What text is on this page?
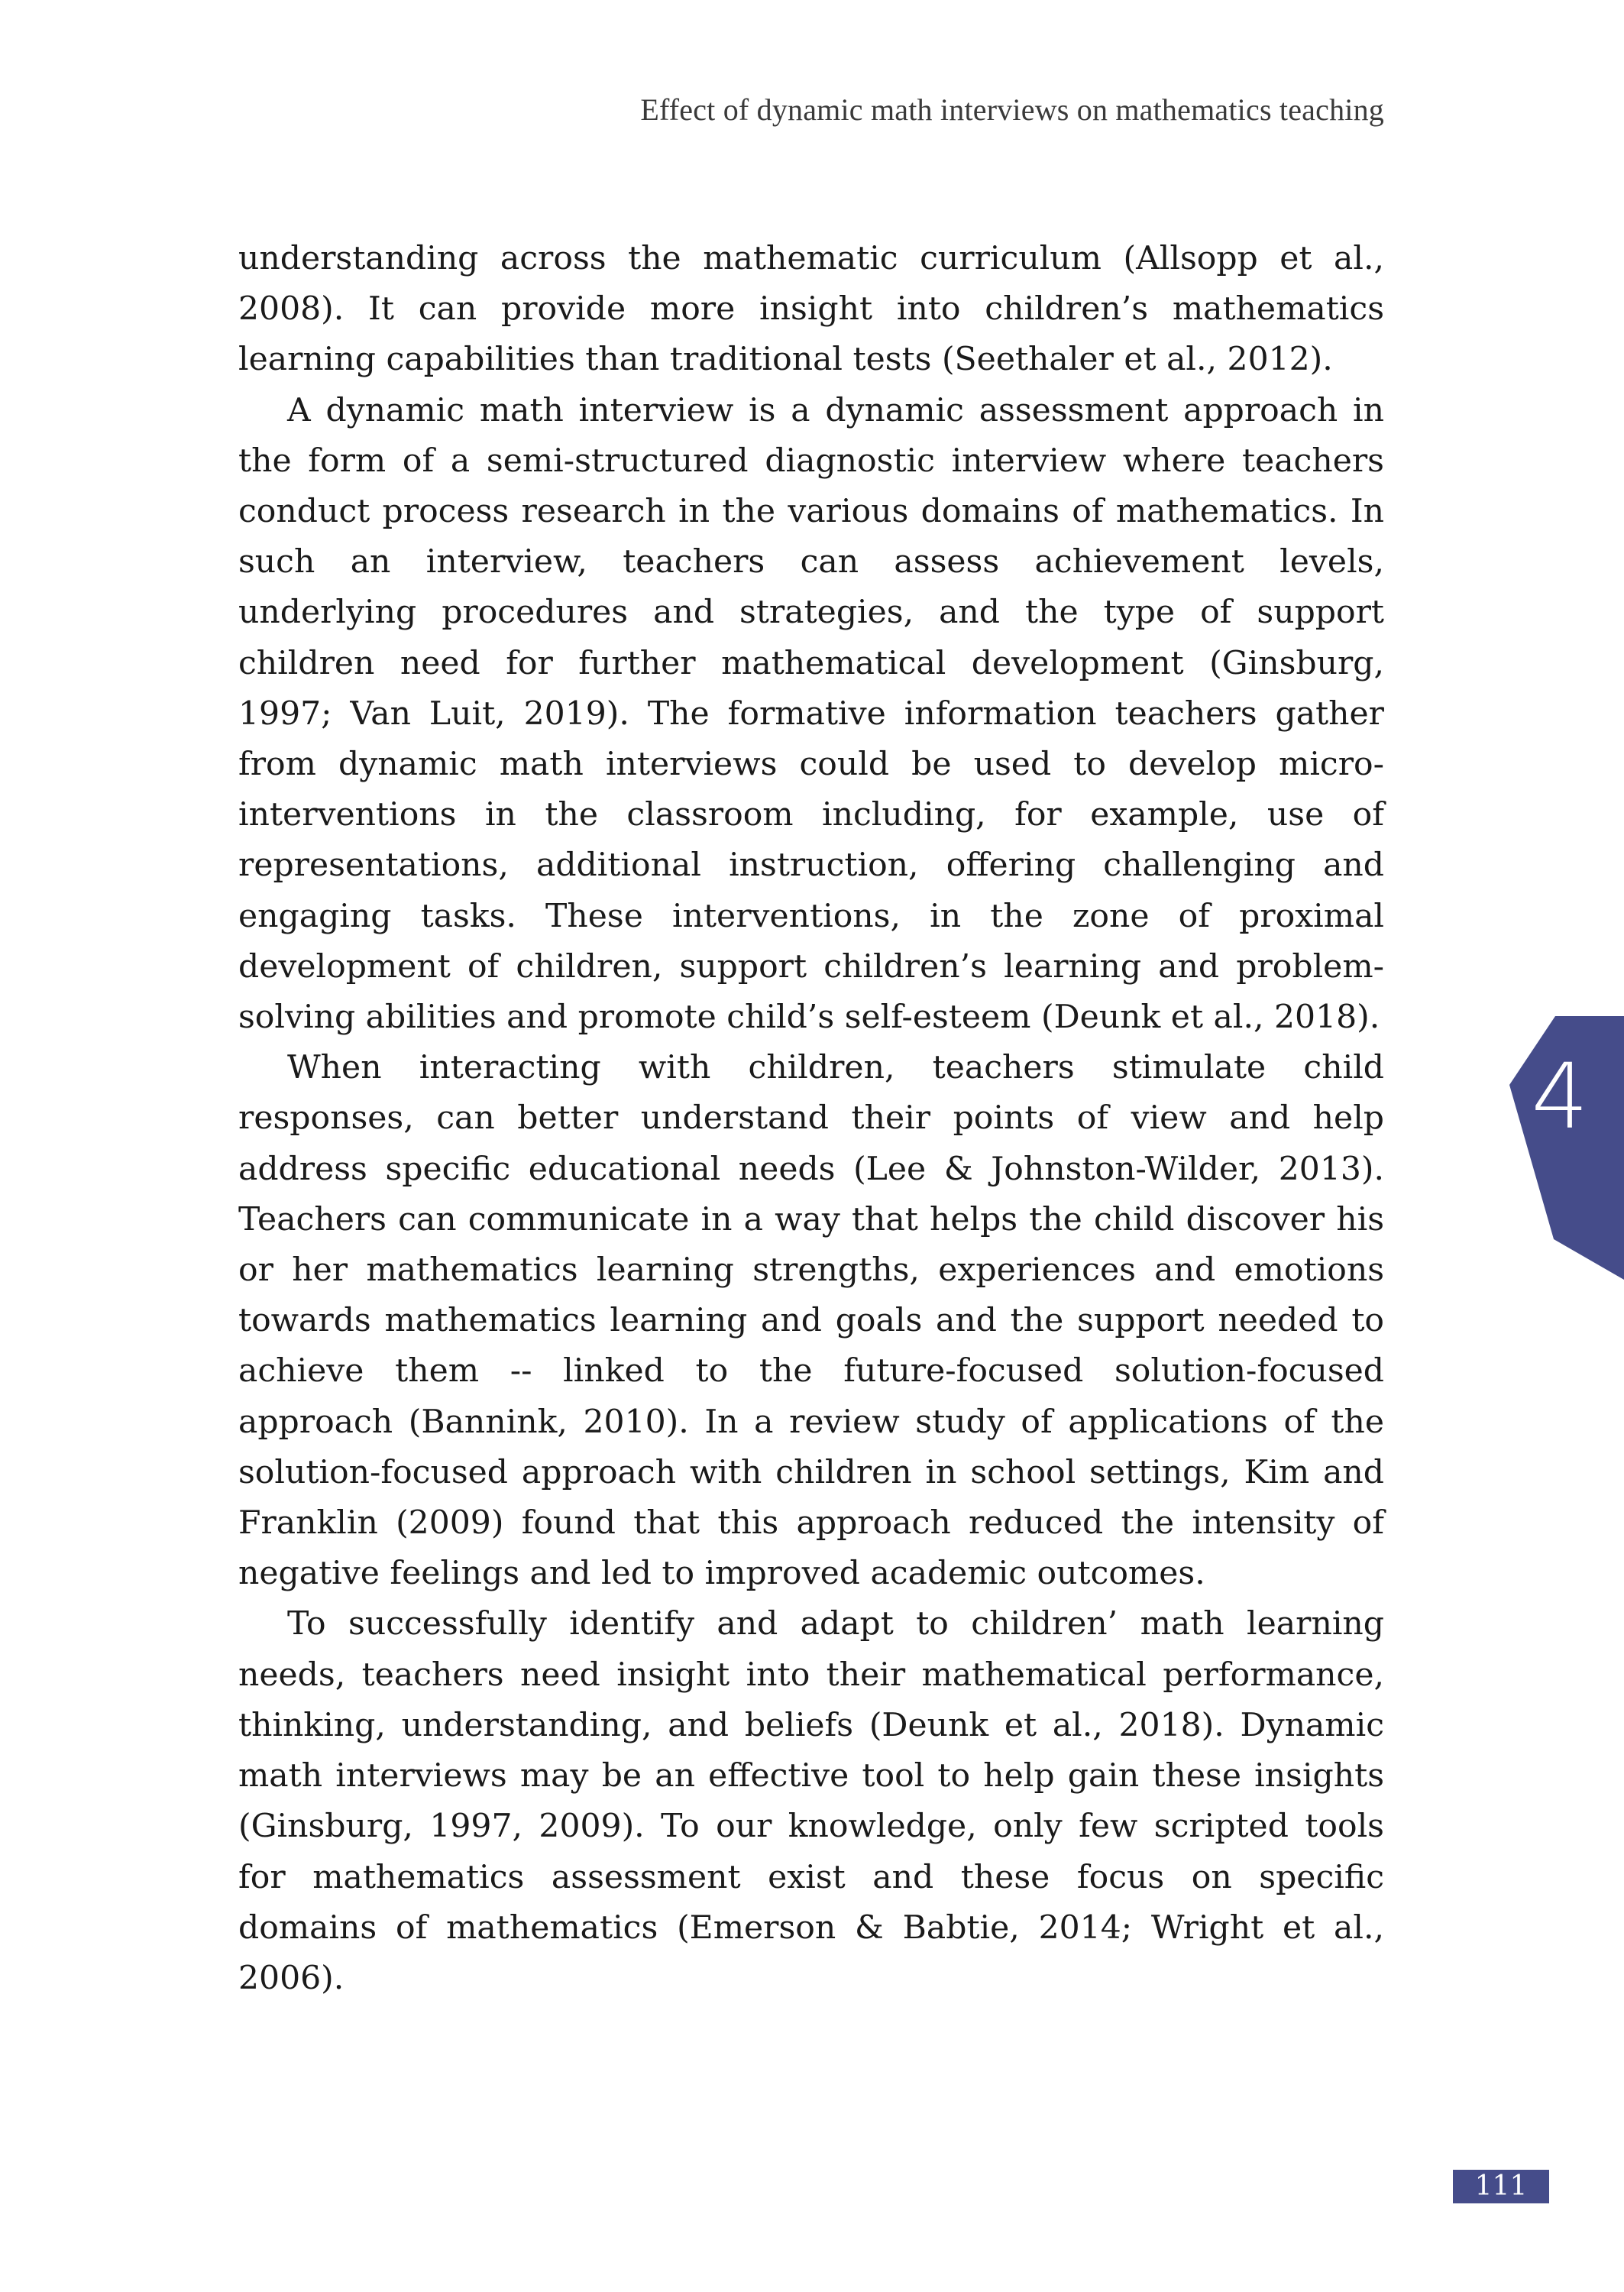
Effect of dynamic math interviews on mathematics teaching

understanding across the mathematic curriculum (Allsopp et al., 2008). It can provide more insight into children’s mathematics learning capabilities than traditional tests (Seethaler et al., 2012).

A dynamic math interview is a dynamic assessment approach in the form of a semi-structured diagnostic interview where teachers conduct process research in the various domains of mathematics. In such an interview, teachers can assess achievement levels, underlying procedures and strategies, and the type of support children need for further mathematical development (Ginsburg, 1997; Van Luit, 2019). The formative information teachers gather from dynamic math interviews could be used to develop micro-interventions in the classroom including, for example, use of representations, additional instruction, offering challenging and engaging tasks. These interventions, in the zone of proximal development of children, support children’s learning and problem-solving abilities and promote child’s self-esteem (Deunk et al., 2018).

When interacting with children, teachers stimulate child responses, can better understand their points of view and help address specific educational needs (Lee & Johnston-Wilder, 2013). Teachers can communicate in a way that helps the child discover his or her mathematics learning strengths, experiences and emotions towards mathematics learning and goals and the support needed to achieve them -- linked to the future-focused solution-focused approach (Bannink, 2010). In a review study of applications of the solution-focused approach with children in school settings, Kim and Franklin (2009) found that this approach reduced the intensity of negative feelings and led to improved academic outcomes.

To successfully identify and adapt to children’ math learning needs, teachers need insight into their mathematical performance, thinking, understanding, and beliefs (Deunk et al., 2018). Dynamic math interviews may be an effective tool to help gain these insights (Ginsburg, 1997, 2009). To our knowledge, only few scripted tools for mathematics assessment exist and these focus on specific domains of mathematics (Emerson & Babtie, 2014; Wright et al., 2006).

4
111
